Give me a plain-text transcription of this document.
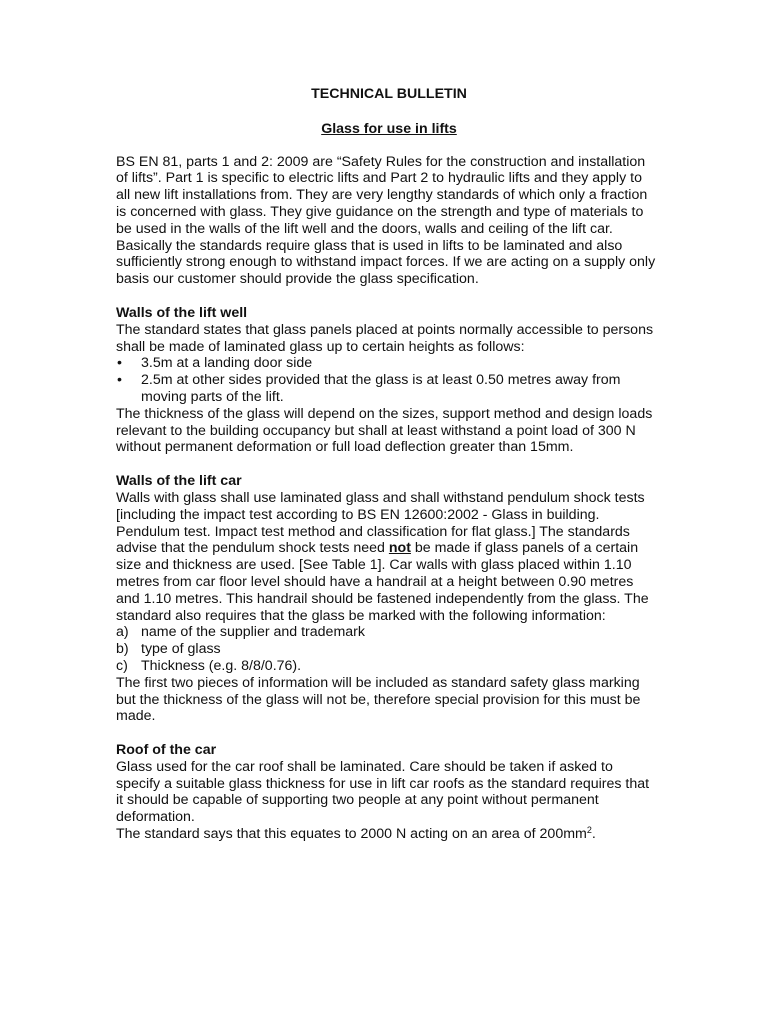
TECHNICAL BULLETIN

Glass for use in lifts

BS EN 81, parts 1 and 2: 2009 are “Safety Rules for the construction and installation of lifts”. Part 1 is specific to electric lifts and Part 2 to hydraulic lifts and they apply to all new lift installations from. They are very lengthy standards of which only a fraction is concerned with glass. They give guidance on the strength and type of materials to be used in the walls of the lift well and the doors, walls and ceiling of the lift car. Basically the standards require glass that is used in lifts to be laminated and also sufficiently strong enough to withstand impact forces. If we are acting on a supply only basis our customer should provide the glass specification.

Walls of the lift well

The standard states that glass panels placed at points normally accessible to persons shall be made of laminated glass up to certain heights as follows:

• 3.5m at a landing door side
• 2.5m at other sides provided that the glass is at least 0.50 metres away from moving parts of the lift.

The thickness of the glass will depend on the sizes, support method and design loads relevant to the building occupancy but shall at least withstand a point load of 300 N without permanent deformation or full load deflection greater than 15mm.

Walls of the lift car

Walls with glass shall use laminated glass and shall withstand pendulum shock tests [including the impact test according to BS EN 12600:2002 - Glass in building. Pendulum test. Impact test method and classification for flat glass.] The standards advise that the pendulum shock tests need not be made if glass panels of a certain size and thickness are used. [See Table 1]. Car walls with glass placed within 1.10 metres from car floor level should have a handrail at a height between 0.90 metres and 1.10 metres. This handrail should be fastened independently from the glass. The standard also requires that the glass be marked with the following information:

a) name of the supplier and trademark
b) type of glass
c) Thickness (e.g. 8/8/0.76).

The first two pieces of information will be included as standard safety glass marking but the thickness of the glass will not be, therefore special provision for this must be made.

Roof of the car

Glass used for the car roof shall be laminated. Care should be taken if asked to specify a suitable glass thickness for use in lift car roofs as the standard requires that it should be capable of supporting two people at any point without permanent deformation.

The standard says that this equates to 2000 N acting on an area of $200mm^2$.
